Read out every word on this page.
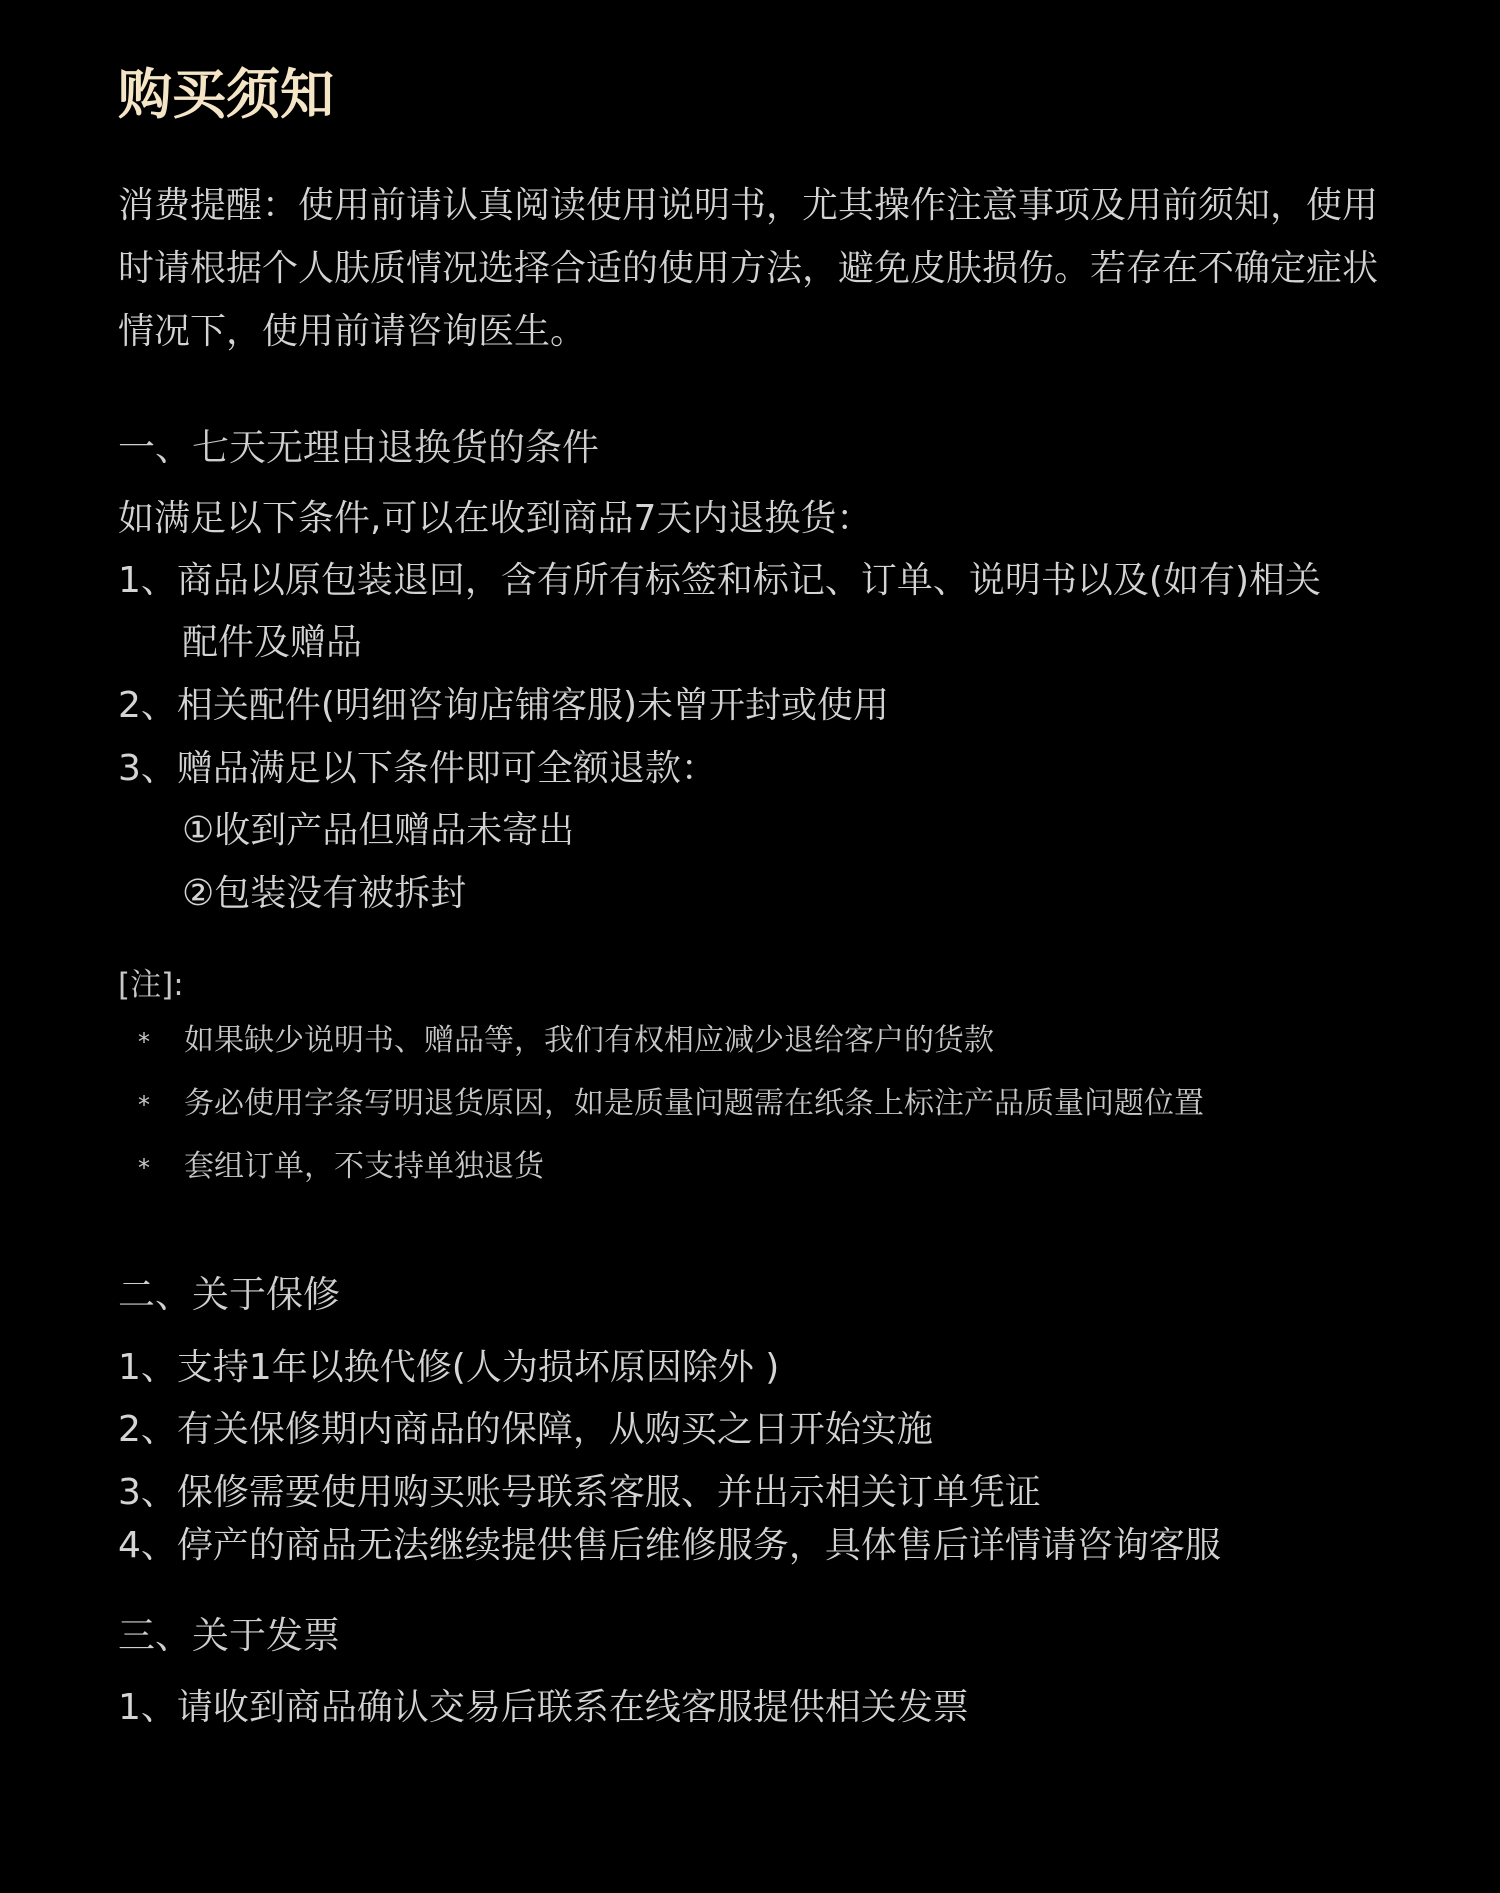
购买须知
消费提醒：使用前请认真阅读使用说明书，尤其操作注意事项及用前须知，使用时请根据个人肤质情况选择合适的使用方法，避免皮肤损伤。若存在不确定症状情况下，使用前请咨询医生。
一、七天无理由退换货的条件
如满足以下条件,可以在收到商品7天内退换货：
1、商品以原包装退回，含有所有标签和标记、订单、说明书以及(如有)相关
配件及赠品
2、相关配件(明细咨询店铺客服)未曾开封或使用
3、赠品满足以下条件即可全额退款：
①收到产品但赠品未寄出
②包装没有被拆封
[注]:
* 如果缺少说明书、赠品等，我们有权相应减少退给客户的货款
* 务必使用字条写明退货原因，如是质量问题需在纸条上标注产品质量问题位置
* 套组订单，不支持单独退货
二、关于保修
1、支持1年以换代修(人为损坏原因除外 )
2、有关保修期内商品的保障，从购买之日开始实施
3、保修需要使用购买账号联系客服、并出示相关订单凭证
4、停产的商品无法继续提供售后维修服务，具体售后详情请咨询客服
三、关于发票
1、请收到商品确认交易后联系在线客服提供相关发票
